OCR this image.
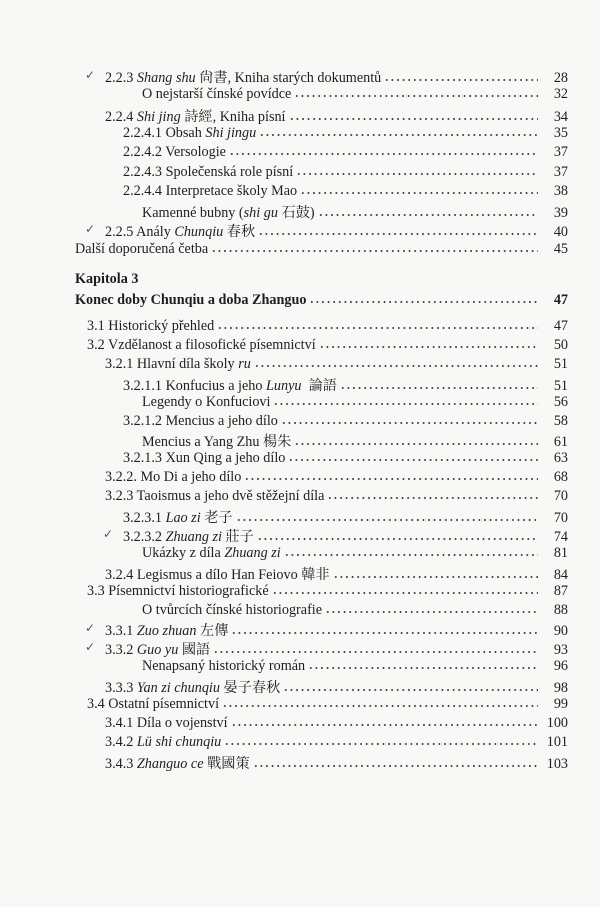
✓ 2.2.3 Shang shu 尙書, Kniha starých dokumentů	28
O nejstarší čínské povídce	32
2.2.4 Shi jing 詩經, Kniha písní	34
2.2.4.1 Obsah Shi jingu	35
2.2.4.2 Versologie	37
2.2.4.3 Společenská role písní	37
2.2.4.4 Interpretace školy Mao	38
Kamenné bubny ( shi gu 石鼓)	39
✓ 2.2.5 Anály Chunqiu 春秋	40
Další doporučená četba	45
Kapitola 3
Konec doby Chunqiu a doba Zhanguo	47
3.1 Historický přehled	47
3.2 Vzdělanost a filosofické písemnictví	50
3.2.1 Hlavní díla školy ru	51
3.2.1.1 Konfucius a jeho Lunyu 論語	51
Legendy o Konfuciovi	56
3.2.1.2 Mencius a jeho dílo	58
Mencius a Yang Zhu 楊朱	61
3.2.1.3 Xun Qing a jeho dílo	63
3.2.2. Mo Di a jeho dílo	68
3.2.3 Taoismus a jeho dvě stěžejní díla	70
3.2.3.1 Lao zi 老子	70
✓ 3.2.3.2 Zhuang zi 莊子	74
Ukázky z díla Zhuang zi	81
3.2.4 Legismus a dílo Han Feiovo 韓非	84
3.3 Písemnictví historiografické	87
O tvůrcích čínské historiografie	88
✓ 3.3.1 Zuo zhuan 左傳	90
✓ 3.3.2 Guo yu 國語	93
Nenapsaný historický román	96
3.3.3 Yan zi chunqiu 晏子春秋	98
3.4 Ostatní písemnictví	99
3.4.1 Díla o vojenství	100
3.4.2 Lü shi chunqiu	101
3.4.3 Zhanguo ce 戰國策	103
